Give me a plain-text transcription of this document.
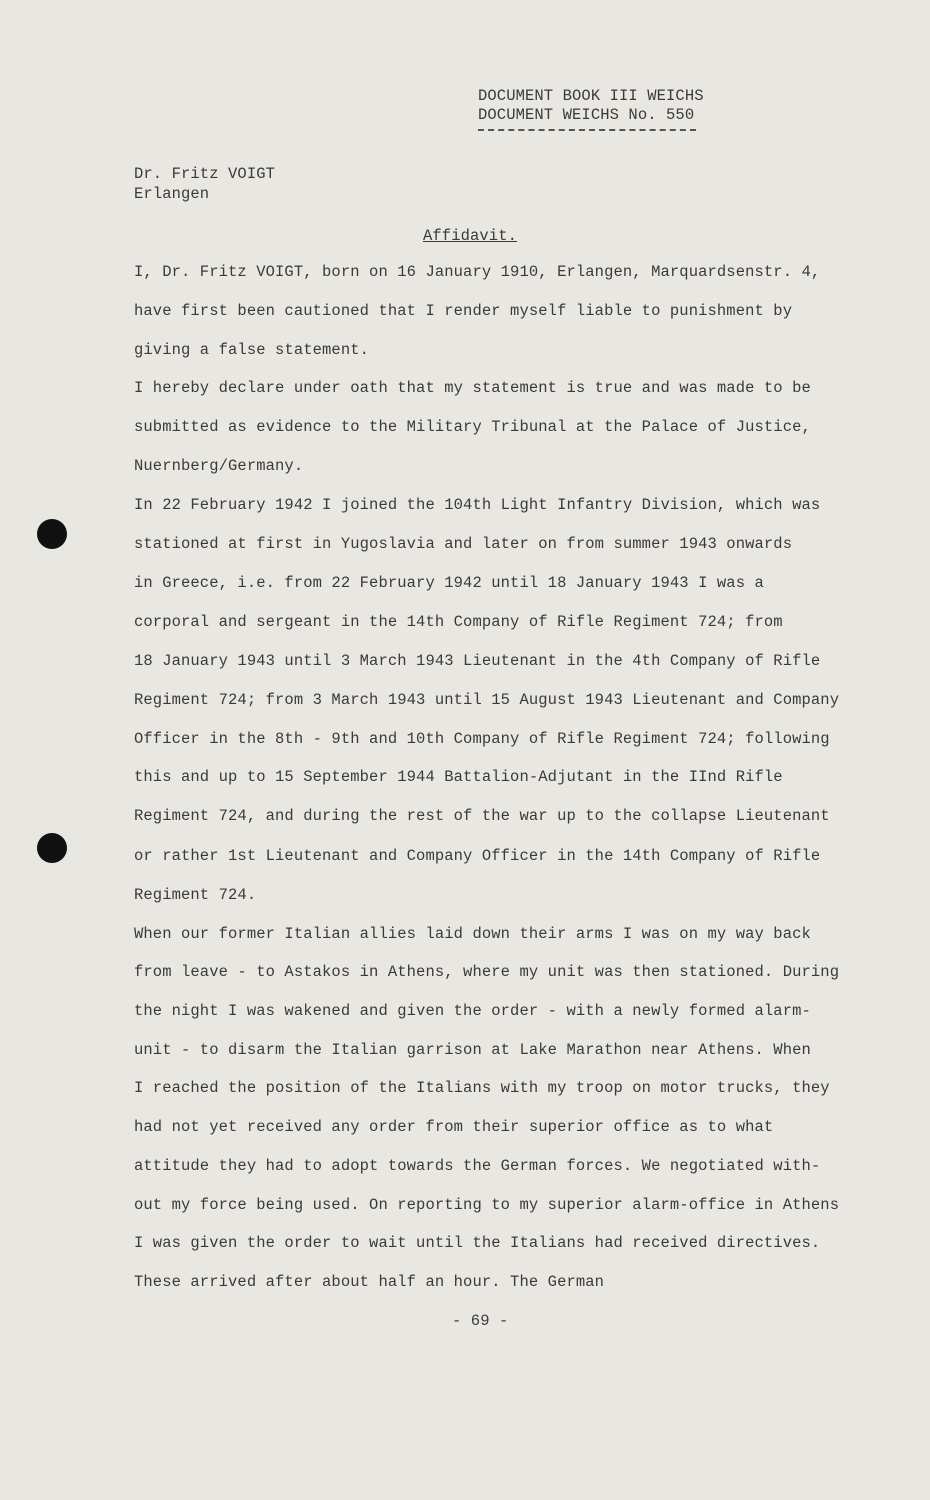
DOCUMENT BOOK III WEICHS
DOCUMENT WEICHS No. 550
Dr. Fritz VOIGT
Erlangen
Affidavit.
I, Dr. Fritz VOIGT, born on 16 January 1910, Erlangen, Marquardsenstr. 4,
have first been cautioned that I render myself liable to punishment by
giving a false statement.
I hereby declare under oath that my statement is true and was made to be
submitted as evidence to the Military Tribunal at the Palace of Justice,
Nuernberg/Germany.
In 22 February 1942 I joined the 104th Light Infantry Division, which was
stationed at first in Yugoslavia and later on from summer 1943 onwards
in Greece, i.e. from 22 February 1942 until 18 January 1943 I was a
corporal and sergeant in the 14th Company of Rifle Regiment 724; from
18 January 1943 until 3 March 1943 Lieutenant in the 4th Company of Rifle
Regiment 724; from 3 March 1943 until 15 August 1943 Lieutenant and Company
Officer in the 8th - 9th and 10th Company of Rifle Regiment 724; following
this and up to 15 September 1944 Battalion-Adjutant in the IInd Rifle
Regiment 724, and during the rest of the war up to the collapse Lieutenant
or rather 1st Lieutenant and Company Officer in the 14th Company of Rifle
Regiment 724.
When our former Italian allies laid down their arms I was on my way back
from leave - to Astakos in Athens, where my unit was then stationed. During
the night I was wakened and given the order - with a newly formed alarm-
unit - to disarm the Italian garrison at Lake Marathon near Athens. When
I reached the position of the Italians with my troop on motor trucks, they
had not yet received any order from their superior office as to what
attitude they had to adopt towards the German forces. We negotiated with-
out my force being used. On reporting to my superior alarm-office in Athens
I was given the order to wait until the Italians had received directives.
These arrived after about half an hour. The German
- 69 -
